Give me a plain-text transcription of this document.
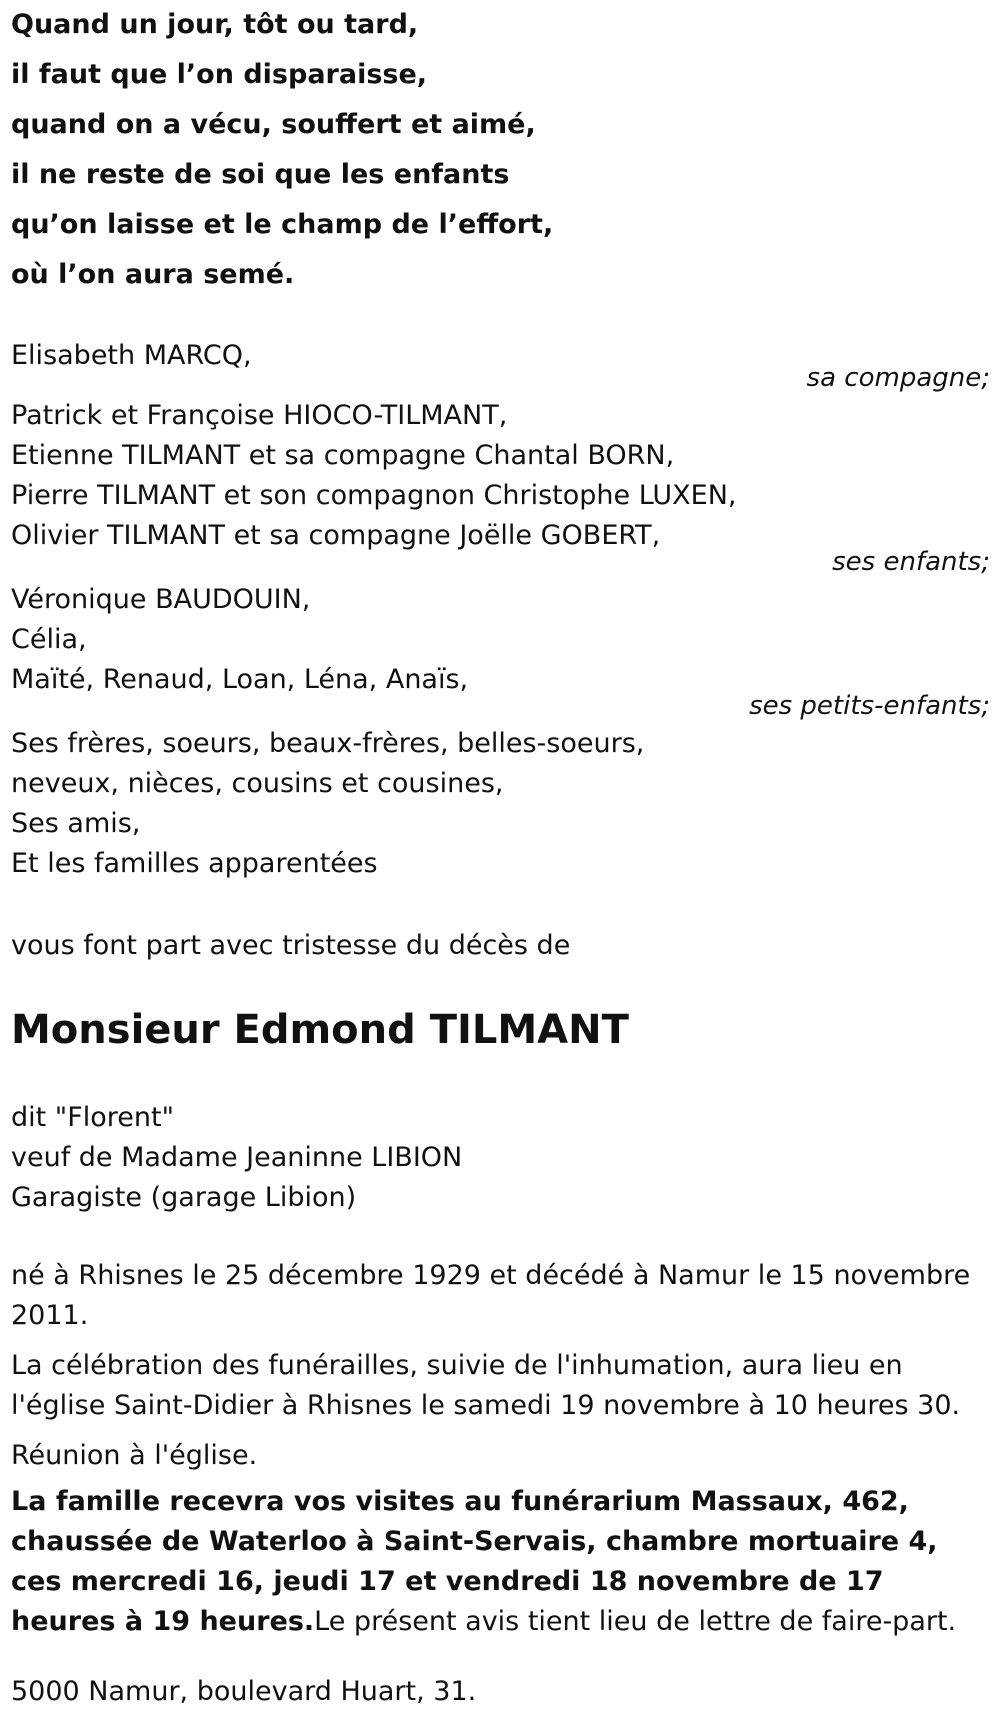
Quand un jour, tôt ou tard,
il faut que l’on disparaisse,
quand on a vécu, souffert et aimé,
il ne reste de soi que les enfants
qu’on laisse et le champ de l’effort,
où l’on aura semé.
Elisabeth MARCQ,
sa compagne;
Patrick et Françoise HIOCO-TILMANT,
Etienne TILMANT et sa compagne Chantal BORN,
Pierre TILMANT et son compagnon Christophe LUXEN,
Olivier TILMANT et sa compagne Joëlle GOBERT,
ses enfants;
Véronique BAUDOUIN,
Célia,
Maïté, Renaud, Loan, Léna, Anaïs,
ses petits-enfants;
Ses frères, soeurs, beaux-frères, belles-soeurs,
neveux, nièces, cousins et cousines,
Ses amis,
Et les familles apparentées
vous font part avec tristesse du décès de
Monsieur Edmond TILMANT
dit "Florent"
veuf de Madame Jeaninne LIBION
Garagiste (garage Libion)
né à Rhisnes le 25 décembre 1929 et décédé à Namur le 15 novembre 2011.
La célébration des funérailles, suivie de l'inhumation, aura lieu en l'église Saint-Didier à Rhisnes le samedi 19 novembre à 10 heures 30.
Réunion à l'église.
La famille recevra vos visites au funérarium Massaux, 462, chaussée de Waterloo à Saint-Servais, chambre mortuaire 4, ces mercredi 16, jeudi 17 et vendredi 18 novembre de 17 heures à 19 heures.Le présent avis tient lieu de lettre de faire-part.
5000 Namur, boulevard Huart, 31.
